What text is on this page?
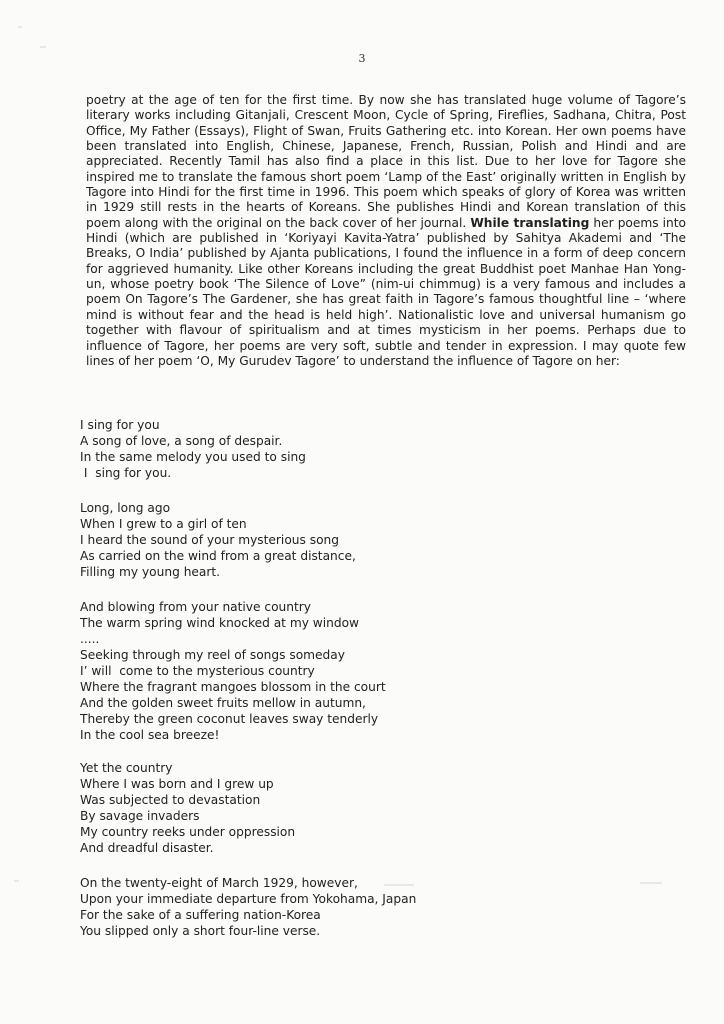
3

poetry at the age of ten for the first time. By now she has translated huge volume of Tagore’s literary works including Gitanjali, Crescent Moon, Cycle of Spring, Fireflies, Sadhana, Chitra, Post Office, My Father (Essays), Flight of Swan, Fruits Gathering etc. into Korean. Her own poems have been translated into English, Chinese, Japanese, French, Russian, Polish and Hindi and are appreciated. Recently Tamil has also find a place in this list. Due to her love for Tagore she inspired me to translate the famous short poem ‘Lamp of the East’ originally written in English by Tagore into Hindi for the first time in 1996. This poem which speaks of glory of Korea was written in 1929 still rests in the hearts of Koreans. She publishes Hindi and Korean translation of this poem along with the original on the back cover of her journal. While translating her poems into Hindi (which are published in ‘Koriyayi Kavita-Yatra’ published by Sahitya Akademi and ‘The Breaks, O India’ published by Ajanta publications, I found the influence in a form of deep concern for aggrieved humanity. Like other Koreans including the great Buddhist poet Manhae Han Yong-un, whose poetry book ‘The Silence of Love” (nim-ui chimmug) is a very famous and includes a poem On Tagore’s The Gardener, she has great faith in Tagore’s famous thoughtful line – ‘where mind is without fear and the head is held high’. Nationalistic love and universal humanism go together with flavour of spiritualism and at times mysticism in her poems. Perhaps due to influence of Tagore, her poems are very soft, subtle and tender in expression. I may quote few lines of her poem ‘O, My Gurudev Tagore’ to understand the influence of Tagore on her:

I sing for you
A song of love, a song of despair.
In the same melody you used to sing
I  sing for you.
Long, long ago
When I grew to a girl of ten
I heard the sound of your mysterious song
As carried on the wind from a great distance,
Filling my young heart.
And blowing from your native country
The warm spring wind knocked at my window
.....
Seeking through my reel of songs someday
I’ will  come to the mysterious country
Where the fragrant mangoes blossom in the court
And the golden sweet fruits mellow in autumn,
Thereby the green coconut leaves sway tenderly
In the cool sea breeze!
Yet the country
Where I was born and I grew up
Was subjected to devastation
By savage invaders
My country reeks under oppression
And dreadful disaster.
On the twenty-eight of March 1929, however,
Upon your immediate departure from Yokohama, Japan
For the sake of a suffering nation-Korea
You slipped only a short four-line verse.
